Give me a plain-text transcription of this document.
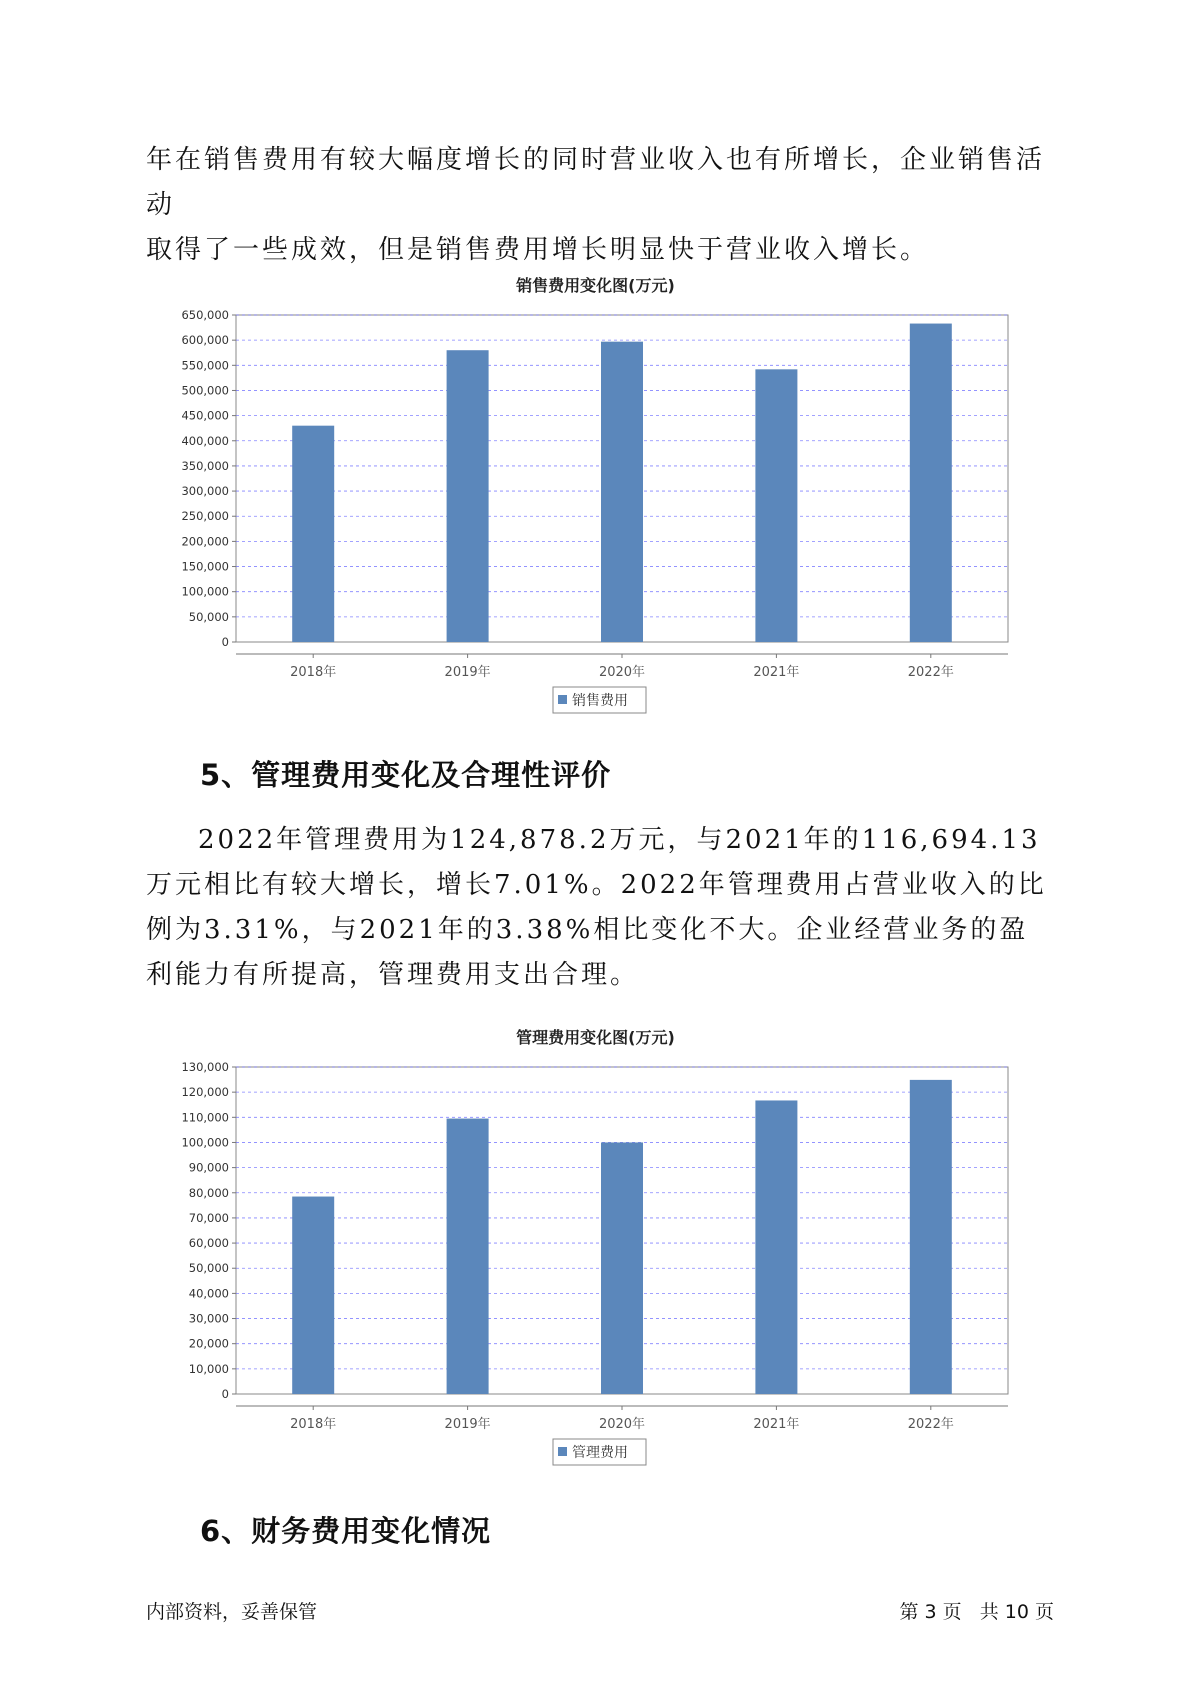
年在销售费用有较大幅度增长的同时营业收入也有所增长，企业销售活动

取得了一些成效，但是销售费用增长明显快于营业收入增长。

销售费用变化图(万元)
0
50,000
100,000
150,000
200,000
250,000
300,000
350,000
400,000
450,000
500,000
550,000
600,000
650,000
2018年	2019年	2020年	2021年	2022年
销售费用
5、管理费用变化及合理性评价

2022年管理费用为124,878.2万元，与2021年的116,694.13万元相比有较大增长，增长7.01%。2022年管理费用占营业收入的比例为3.31%，与2021年的3.38%相比变化不大。企业经营业务的盈利能力有所提高，管理费用支出合理。

管理费用变化图(万元)
0
10,000
20,000
30,000
40,000
50,000
60,000
70,000
80,000
90,000
100,000
110,000
120,000
130,000
2018年	2019年	2020年	2021年	2022年
管理费用
6、财务费用变化情况
内部资料，妥善保管	第 3 页   共 10 页
